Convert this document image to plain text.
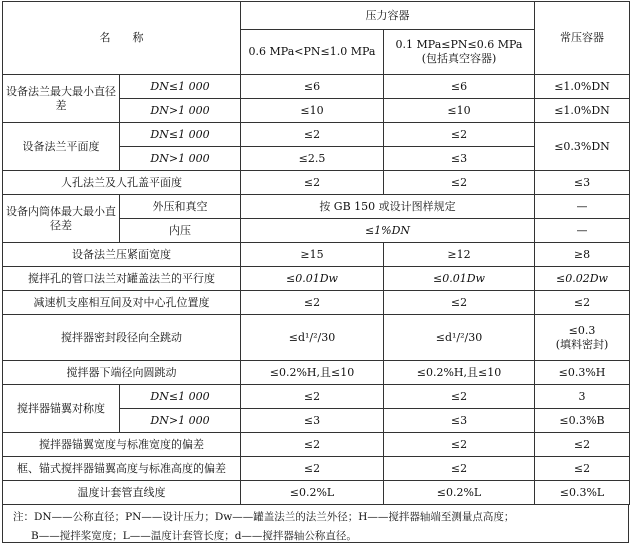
名　　称		压力容器		常压容器
		0.6 MPa<PN≤1.0 MPa	0.1 MPa≤PN≤0.6 MPa
(包括真空容器)	

设备法兰最大最小直径差	DN≤1 000	≤6	≤6	≤1.0%DN
	DN>1 000	≤10	≤10	≤1.0%DN
设备法兰平面度	DN≤1 000	≤2	≤2	≤0.3%DN
	DN>1 000	≤2.5	≤3	
人孔法兰及人孔盖平面度		≤2	≤2	≤3
设备内筒体最大最小直径差	外压和真空	按 GB 150 或设计图样规定		—
	内压	≤1%DN		—
设备法兰压紧面宽度		≥15	≥12	≥8
搅拌孔的管口法兰对罐盖法兰的平行度		≤0.01Dw	≤0.01Dw	≤0.02Dw
减速机支座相互间及对中心孔位置度		≤2	≤2	≤2
搅拌器密封段径向全跳动		≤d¹/²/30	≤d¹/²/30	≤0.3
(填料密封)

搅拌器下端径向圆跳动		≤0.2%H,且≤10	≤0.2%H,且≤10	≤0.3%H
搅拌器锚翼对称度	DN≤1 000	≤2	≤2	3
	DN>1 000	≤3	≤3	≤0.3%B
搅拌器锚翼宽度与标准宽度的偏差		≤2	≤2	≤2
框、锚式搅拌器锚翼高度与标准高度的偏差		≤2	≤2	≤2
温度计套管直线度		≤0.2%L	≤0.2%L	≤0.3%L
注：DN——公称直径；PN——设计压力；Dw——罐盖法兰的法兰外径；H——搅拌器轴端至测量点高度；
B——搅拌桨宽度；L——温度计套管长度；d——搅拌器轴公称直径。
